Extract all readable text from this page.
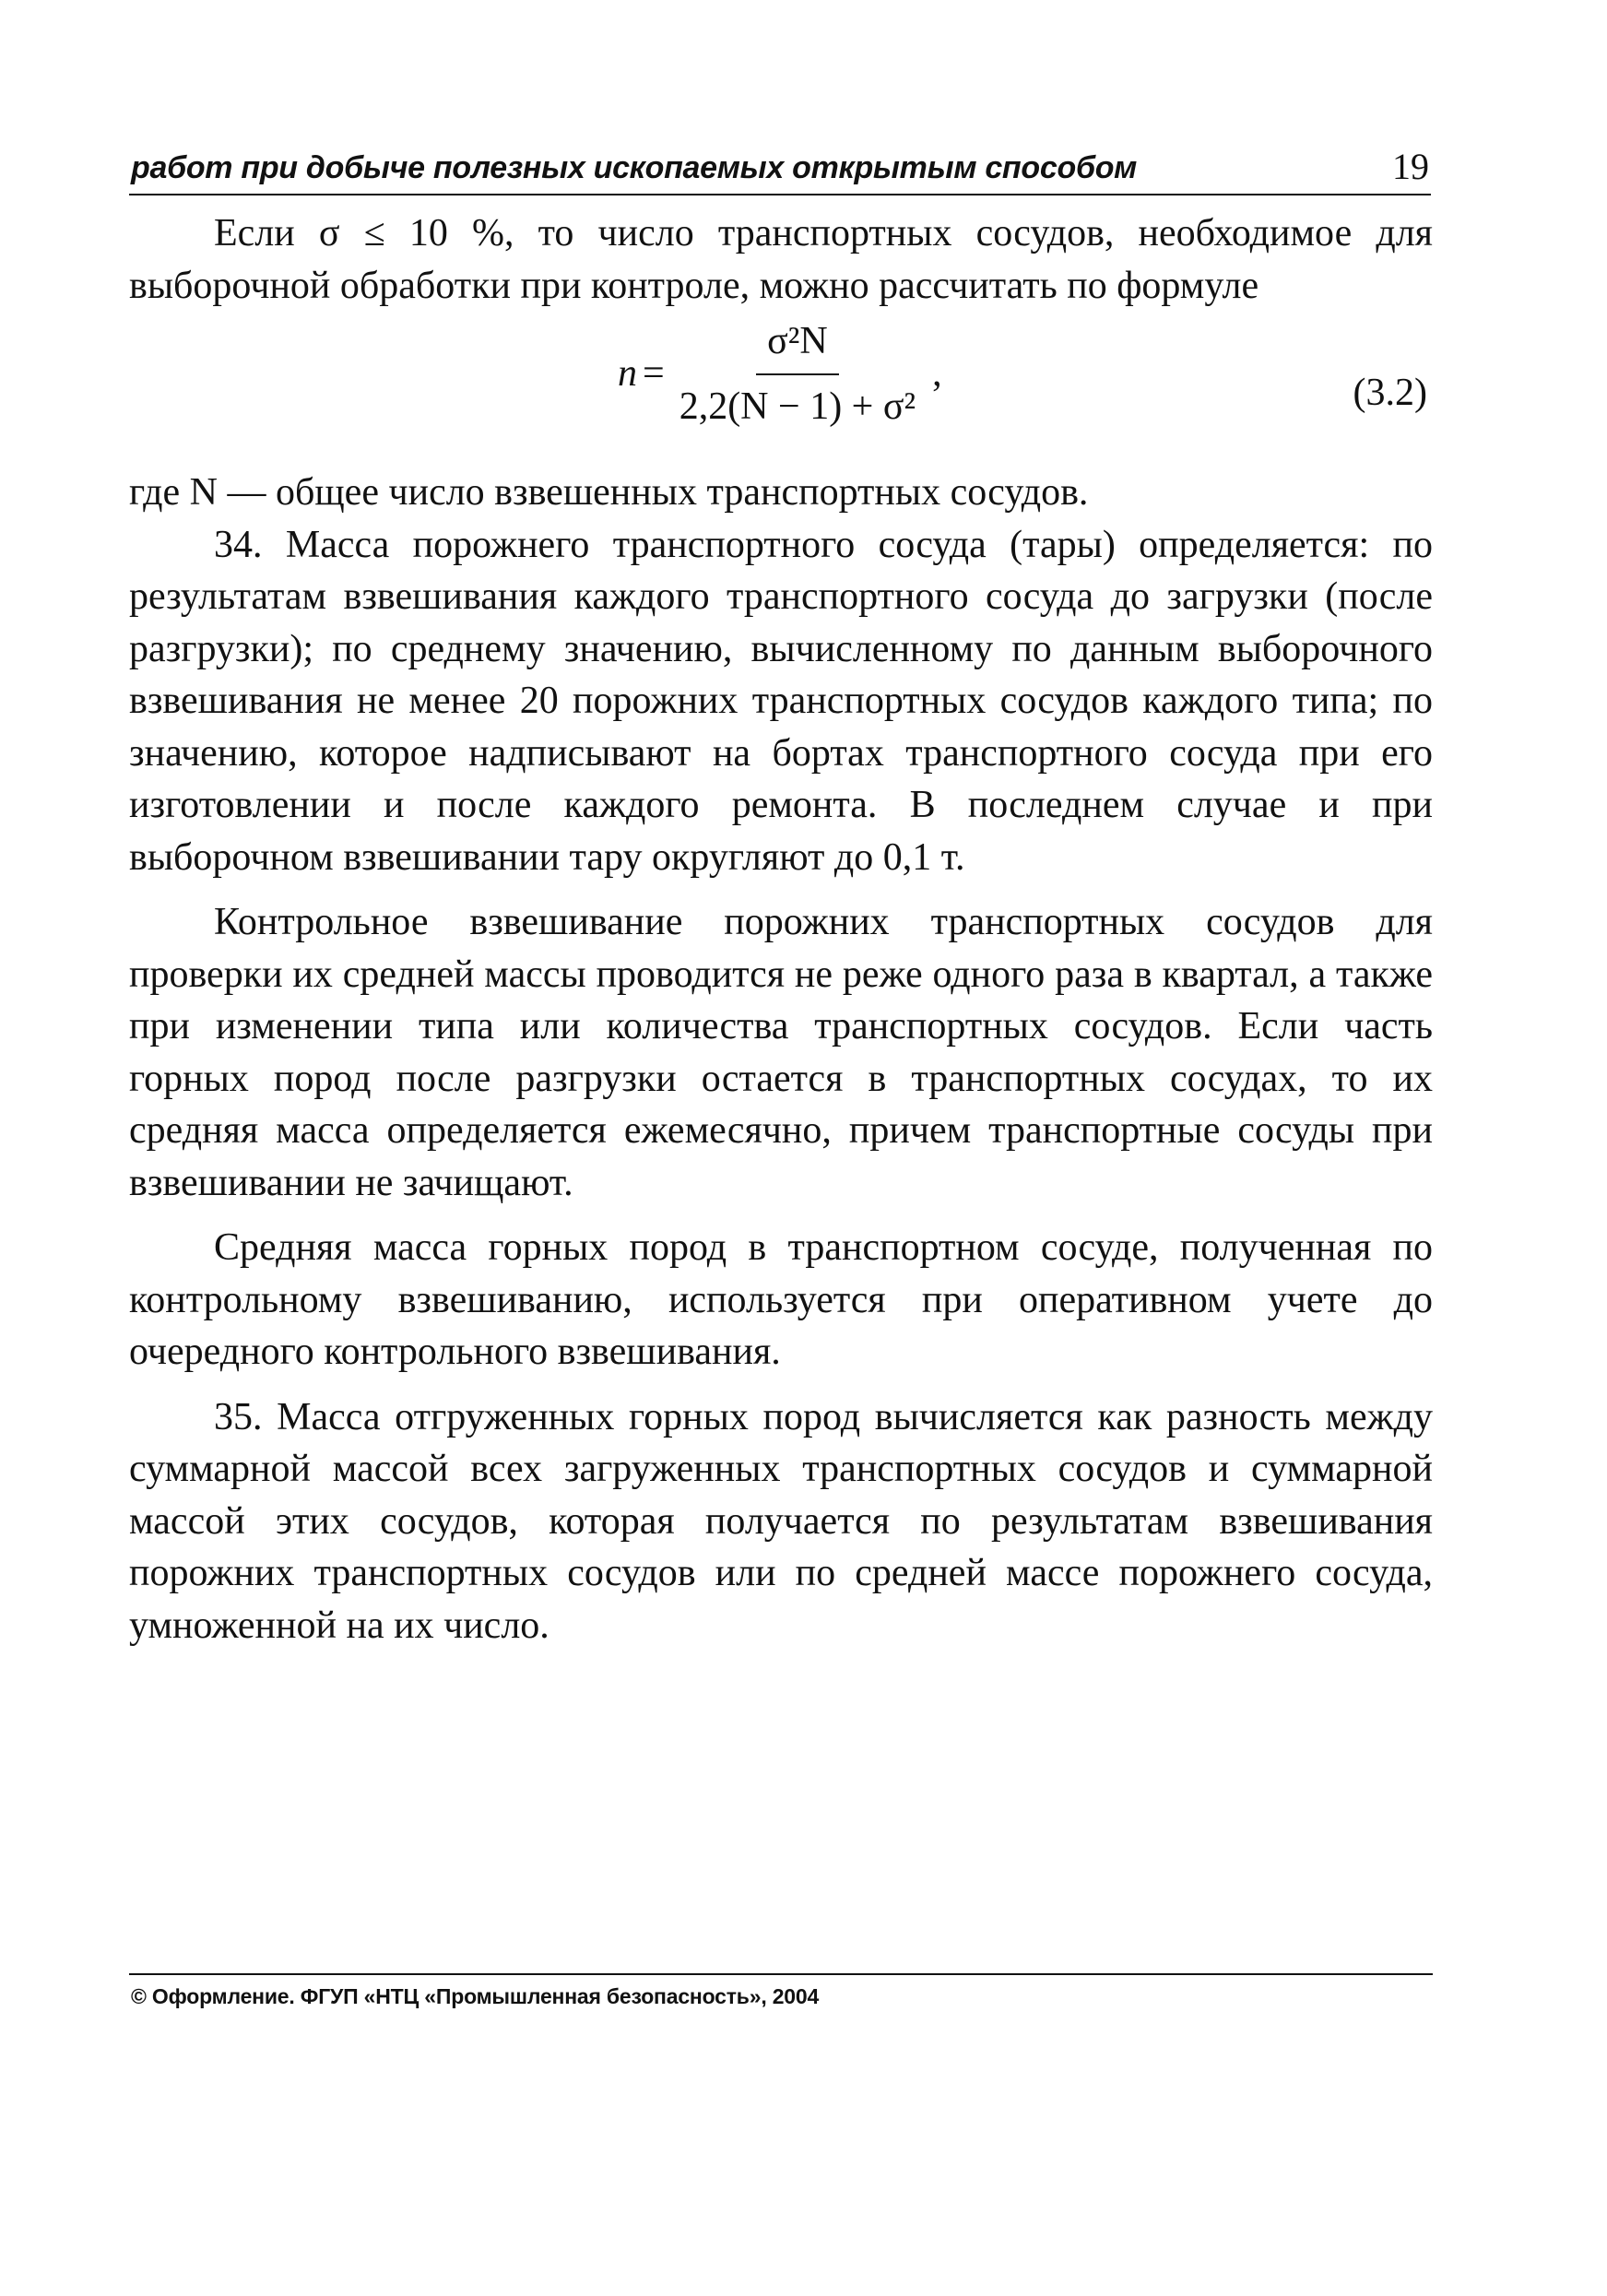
работ при добыче полезных ископаемых открытым способом	19

Если σ ≤ 10 %, то число транспортных сосудов, необходимое для выборочной обработки при контроле, можно рассчитать по формуле

$n = \frac{\text{σ²N}}{\text{2,2(N − 1) + σ²}}$ ,	(3.2)

где N — общее число взвешенных транспортных сосудов.

34. Масса порожнего транспортного сосуда (тары) определяется: по результатам взвешивания каждого транспортного сосуда до загрузки (после разгрузки); по среднему значению, вычисленному по данным выборочного взвешивания не менее 20 порожних транспортных сосудов каждого типа; по значению, которое надписывают на бортах транспортного сосуда при его изготовлении и после каждого ремонта. В последнем случае и при выборочном взвешивании тару округляют до 0,1 т.

Контрольное взвешивание порожних транспортных сосудов для проверки их средней массы проводится не реже одного раза в квартал, а также при изменении типа или количества транспортных сосудов. Если часть горных пород после разгрузки остается в транспортных сосудах, то их средняя масса определяется ежемесячно, причем транспортные сосуды при взвешивании не зачищают.

Средняя масса горных пород в транспортном сосуде, полученная по контрольному взвешиванию, используется при оперативном учете до очередного контрольного взвешивания.

35. Масса отгруженных горных пород вычисляется как разность между суммарной массой всех загруженных транспортных сосудов и суммарной массой этих сосудов, которая получается по результатам взвешивания порожних транспортных сосудов или по средней массе порожнего сосуда, умноженной на их число.

© Оформление. ФГУП «НТЦ «Промышленная безопасность», 2004
